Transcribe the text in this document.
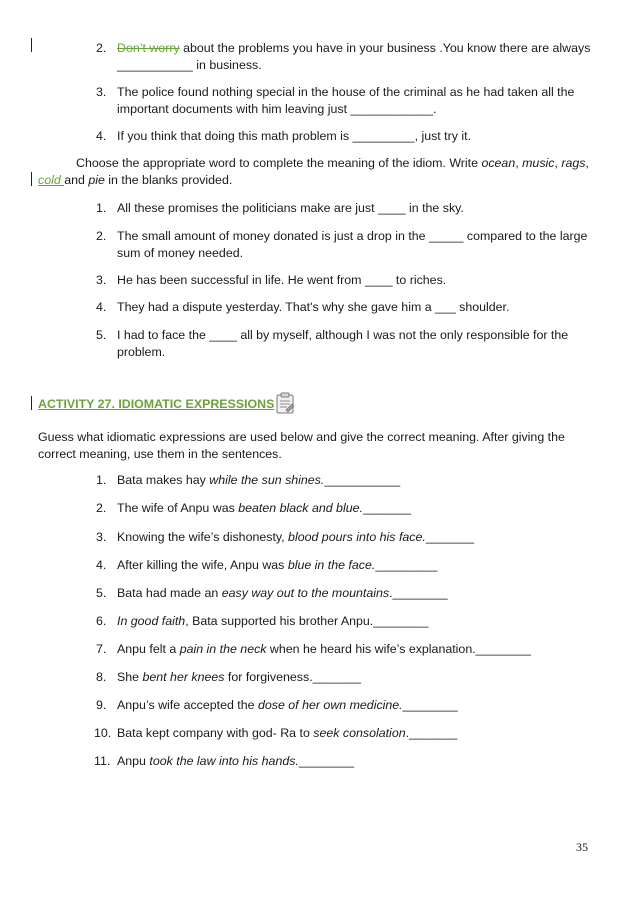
2. Don’t worry about the problems you have in your business .You know there are always ___________ in business.
3. The police found nothing special in the house of the criminal as he had taken all the important documents with him leaving just ____________.
4. If you think that doing this math problem is _________, just try it.
Choose the appropriate word to complete the meaning of the idiom. Write ocean, music, rags, cold and pie in the blanks provided.
1. All these promises the politicians make are just ____ in the sky.
2. The small amount of money donated is just a drop in the _____ compared to the large sum of money needed.
3. He has been successful in life. He went from ____ to riches.
4. They had a dispute yesterday. That's why she gave him a ___ shoulder.
5. I had to face the ____ all by myself, although I was not the only responsible for the problem.
ACTIVITY 27. IDIOMATIC EXPRESSIONS
Guess what idiomatic expressions are used below and give the correct meaning. After giving the correct meaning, use them in the sentences.
1. Bata makes hay while the sun shines.___________
2. The wife of Anpu was beaten black and blue._______
3. Knowing the wife’s dishonesty, blood pours into his face._______
4. After killing the wife, Anpu was blue in the face._________
5. Bata had made an easy way out to the mountains.________
6. In good faith, Bata supported his brother Anpu.________
7. Anpu felt a pain in the neck when he heard his wife’s explanation.________
8. She bent her knees for forgiveness._______
9. Anpu’s wife accepted the dose of her own medicine.________
10. Bata kept company with god- Ra to seek consolation._______
11. Anpu took the law into his hands.________
35
